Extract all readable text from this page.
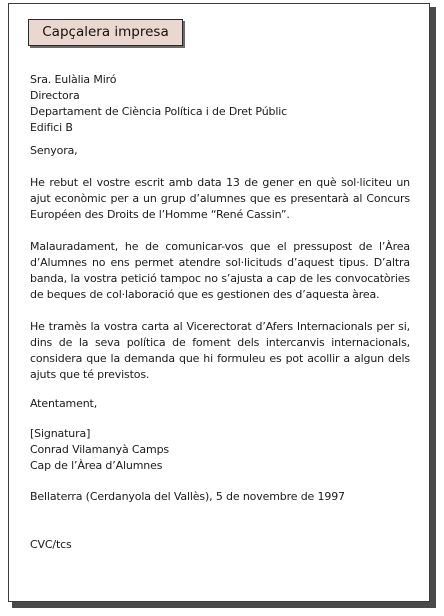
Capçalera impresa
Sra. Eulàlia Miró
Directora
Departament de Ciència Política i de Dret Públic
Edifici B

Senyora,

He rebut el vostre escrit amb data 13 de gener en què sol·liciteu un ajut econòmic per a un grup d’alumnes que es presentarà al Concurs Européen des Droits de l’Homme “René Cassin”.

Malauradament, he de comunicar-vos que el pressupost de l’Àrea d’Alumnes no ens permet atendre sol·licituds d’aquest tipus. D’altra banda, la vostra petició tampoc no s’ajusta a cap de les convocatòries de beques de col·laboració que es gestionen des d’aquesta àrea.

He tramès la vostra carta al Vicerectorat d’Afers Internacionals per si, dins de la seva política de foment dels intercanvis internacionals, considera que la demanda que hi formuleu es pot acollir a algun dels ajuts que té previstos.

Atentament,

[Signatura]
Conrad Vilamanyà Camps
Cap de l’Àrea d’Alumnes

Bellaterra (Cerdanyola del Vallès), 5 de novembre de 1997

CVC/tcs
